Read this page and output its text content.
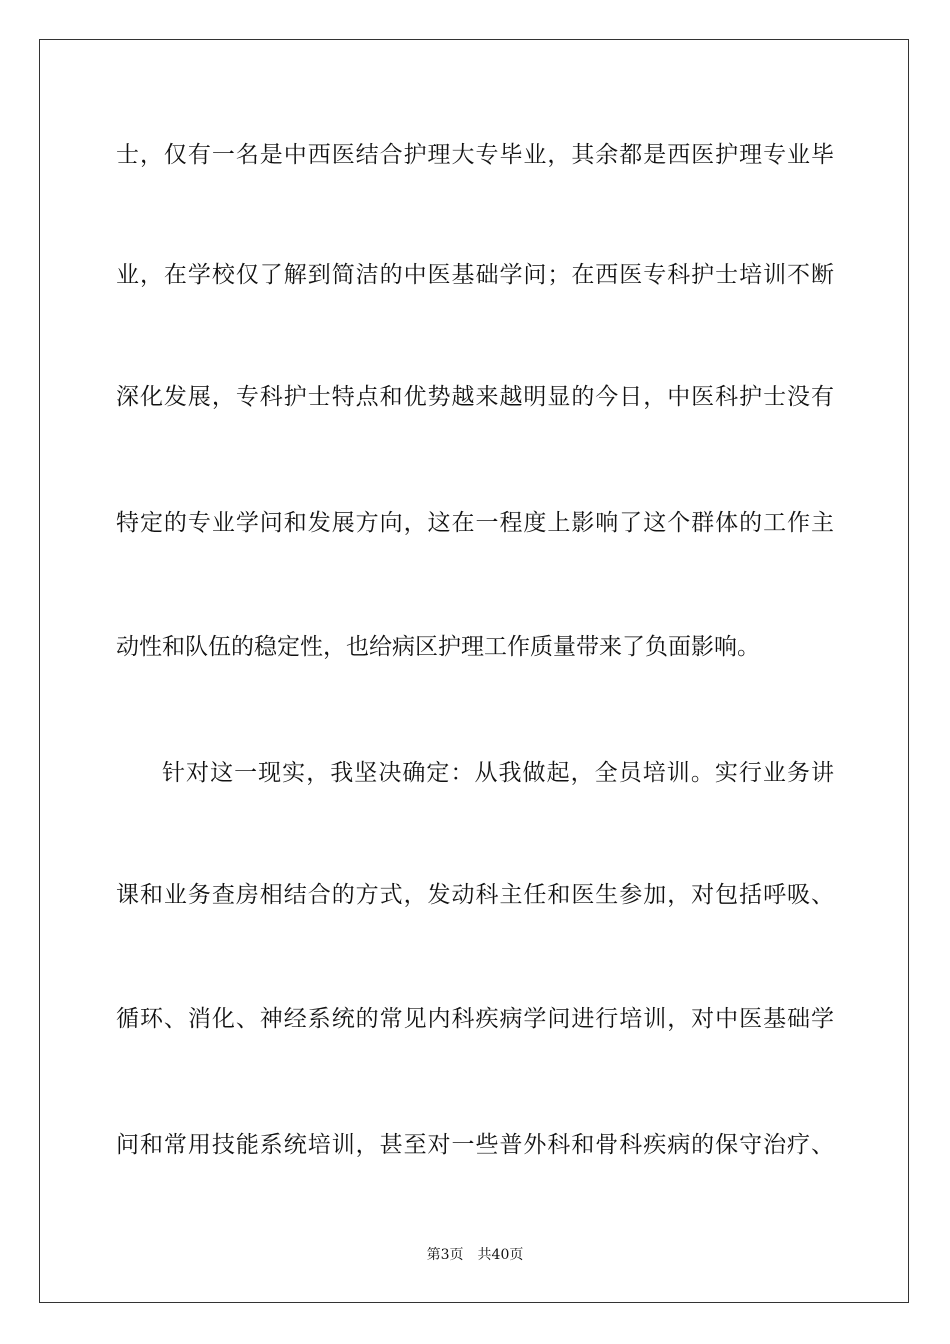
士，仅有一名是中西医结合护理大专毕业，其余都是西医护理专业毕

业，在学校仅了解到简洁的中医基础学问；在西医专科护士培训不断

深化发展，专科护士特点和优势越来越明显的今日，中医科护士没有

特定的专业学问和发展方向，这在一程度上影响了这个群体的工作主

动性和队伍的稳定性，也给病区护理工作质量带来了负面影响。

针对这一现实，我坚决确定：从我做起，全员培训。实行业务讲

课和业务查房相结合的方式，发动科主任和医生参加，对包括呼吸、

循环、消化、神经系统的常见内科疾病学问进行培训，对中医基础学

问和常用技能系统培训，甚至对一些普外科和骨科疾病的保守治疗、

第3页 共40页
